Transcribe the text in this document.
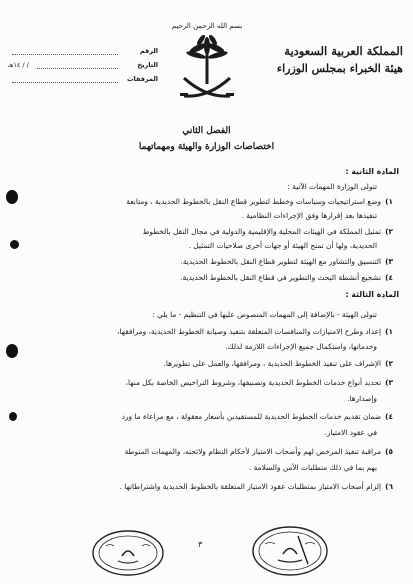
المملكة العربية السعودية
هيئة الخبراء بمجلس الوزراء
بسم الله الرحمن الرحيم
الرقم
التاريخ
/ / ١٤هـ
المرفقات
الفصل الثاني
اختصاصات الوزارة والهيئة ومهماتهما
المادة الثانية :
تتولى الوزارة المهمات الآتية :
١)وضع استراتيجيات وسياسات وخطط لتطوير قطاع النقل بالخطوط الحديدية ، ومتابعة
تنفيذها بعد إقرارها وفق الإجراءات النظامية .
٢)تمثيل المملكة في الهيئات المحلية والإقليمية والدولية في مجال النقل بالخطوط
الحديدية، ولها أن تمنح الهيئة أو جهات أخرى صلاحيات التمثيل .
٣)التنسيق والتشاور مع الهيئة لتطوير قطاع النقل بالخطوط الحديدية.
٤)تشجيع أنشطة البحث والتطوير في قطاع النقل بالخطوط الحديدية.
المادة الثالثة :
تتولى الهيئة - بالإضافة إلى المهمات المنصوص عليها في التنظيم - ما يلي :
١)إعداد وطرح الامتيازات والمنافسات المتعلقة بتنفيذ وصيانة الخطوط الحديدية، ومرافقها،
وخدماتها، واستكمال جميع الإجراءات اللازمة لذلك.
٢)الإشراف على تنفيذ الخطوط الحديدية ، ومرافقها، والعمل على تطويرها.
٣)تحديد أنواع خدمات الخطوط الحديدية وتصنيفها، وشروط التراخيص الخاصة بكل منها،
وإصدارها.
٤)ضمان تقديم خدمات الخطوط الحديدية للمستفيدين بأسعار معقولة ، مع مراعاة ما ورد
في عقود الامتياز.
٥)مراقبة تنفيذ المرخص لهم وأصحاب الامتياز لأحكام النظام ولائحته، والمهمات المنوطة
بهم بما في ذلك متطلبات الأمن والسلامة .
٦)إلزام أصحاب الامتياز بمتطلبات عقود الامتياز المتعلقة بالخطوط الحديدية واشتراطاتها .
٣
